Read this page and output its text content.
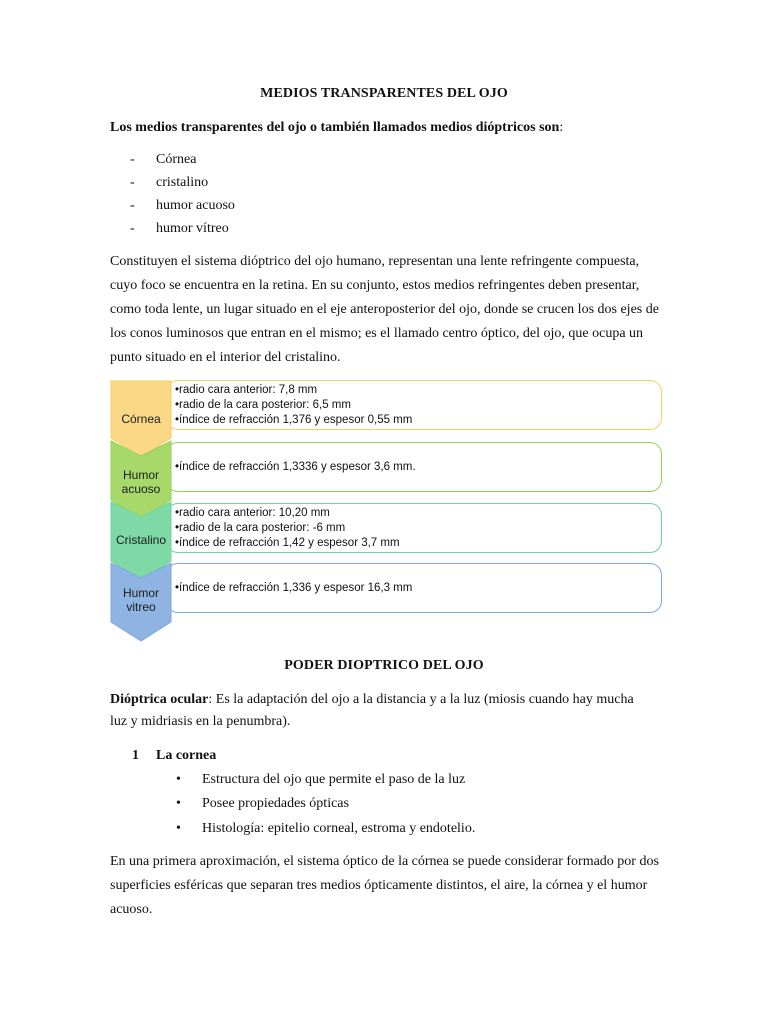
MEDIOS TRANSPARENTES DEL OJO
Los medios transparentes del ojo o también llamados medios dióptricos son:
- Córnea
- cristalino
- humor acuoso
- humor vítreo
Constituyen el sistema dióptrico del ojo humano, representan una lente refringente compuesta, cuyo foco se encuentra en la retina. En su conjunto, estos medios refringentes deben presentar, como toda lente, un lugar situado en el eje anteroposterior del ojo, donde se crucen los dos ejes de los conos luminosos que entran en el mismo; es el llamado centro óptico, del ojo, que ocupa un punto situado en el interior del cristalino.
•radio cara anterior: 7,8 mm
•radio de la cara posterior: 6,5 mm
•índice de refracción 1,376 y espesor 0,55 mm
Córnea
•índice de refracción 1,3336 y espesor 3,6 mm.
Humor acuoso
•radio cara anterior: 10,20 mm
•radio de la cara posterior: -6 mm
•índice de refracción 1,42 y espesor 3,7 mm
Cristalino
•índice de refracción 1,336 y espesor 16,3 mm
Humor vitreo
PODER DIOPTRICO DEL OJO
Dióptrica ocular: Es la adaptación del ojo a la distancia y a la luz (miosis cuando hay mucha
luz y midriasis en la penumbra).
1 La cornea
• Estructura del ojo que permite el paso de la luz
• Posee propiedades ópticas
• Histología: epitelio corneal, estroma y endotelio.
En una primera aproximación, el sistema óptico de la córnea se puede considerar formado por dos superficies esféricas que separan tres medios ópticamente distintos, el aire, la córnea y el humor acuoso.
